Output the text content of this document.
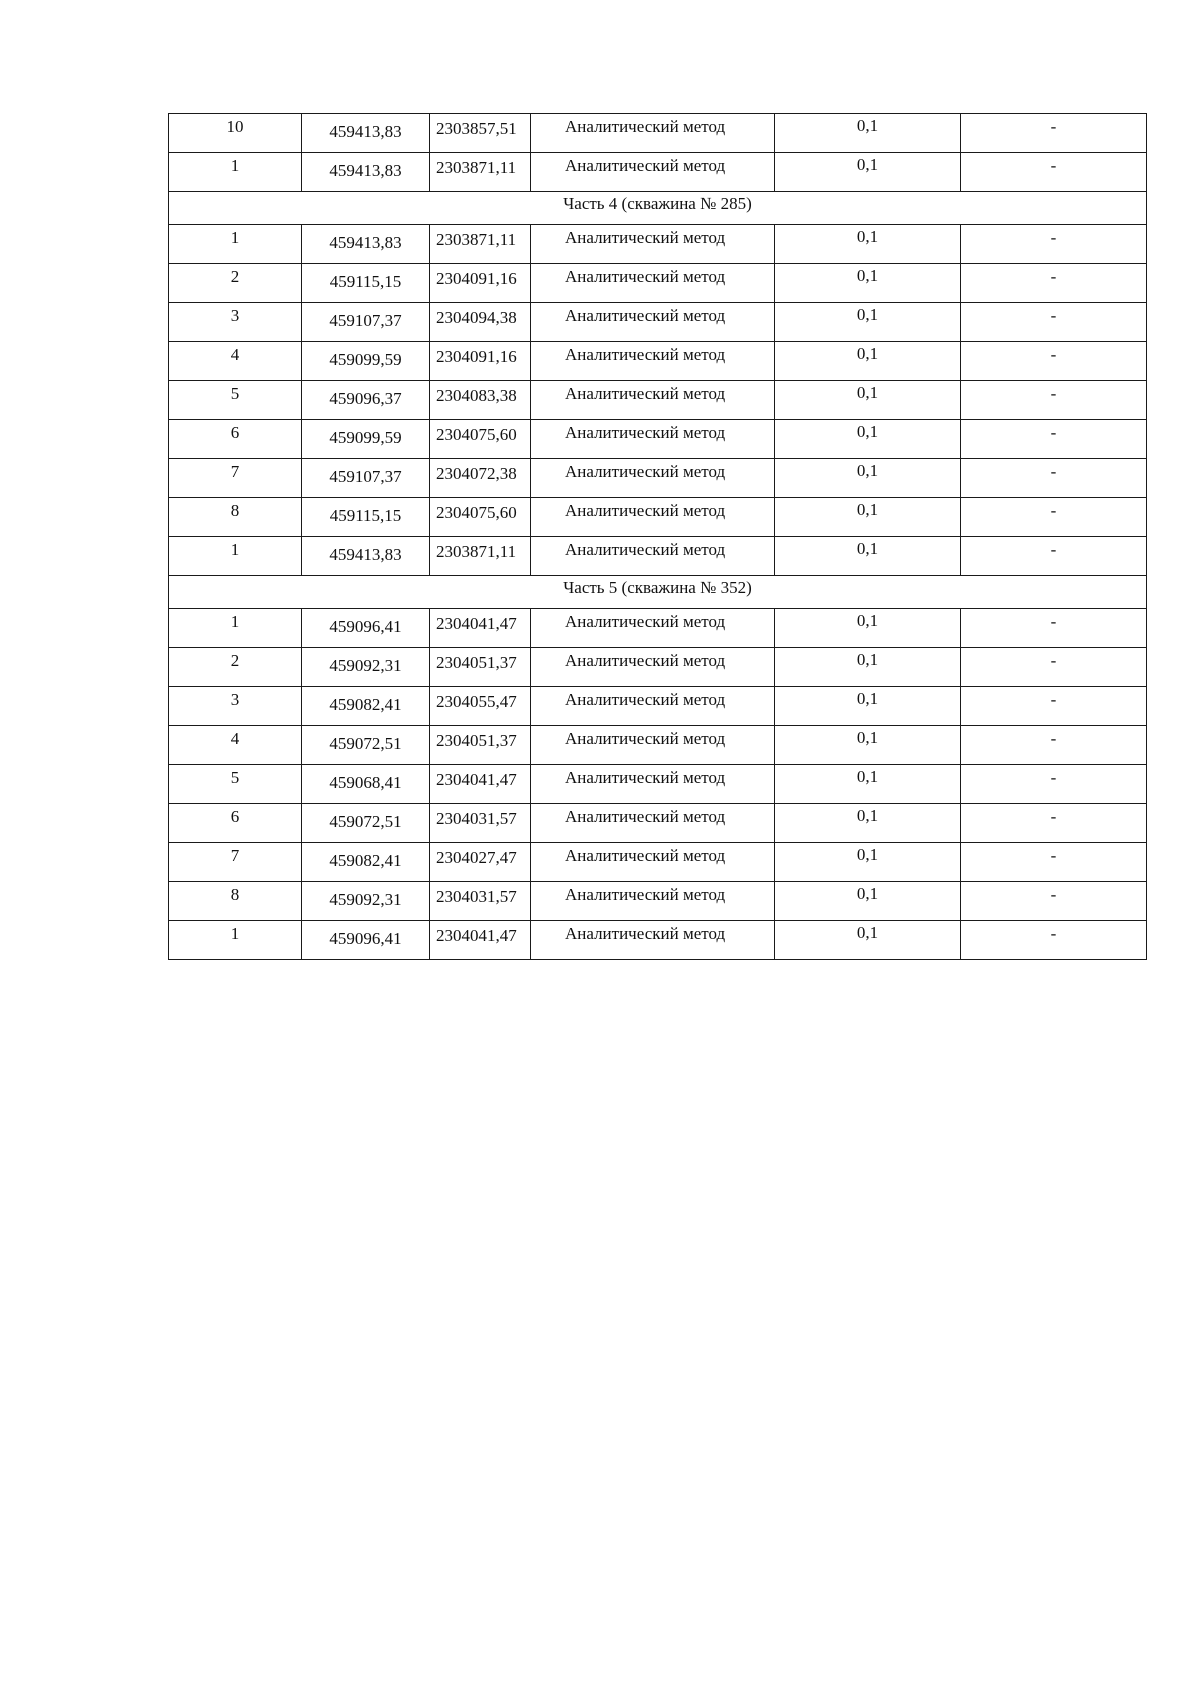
10	459413,83	2303857,51	Аналитический метод	0,1	-
1	459413,83	2303871,11	Аналитический метод	0,1	-
Часть 4 (скважина № 285)					
1	459413,83	2303871,11	Аналитический метод	0,1	-
2	459115,15	2304091,16	Аналитический метод	0,1	-
3	459107,37	2304094,38	Аналитический метод	0,1	-
4	459099,59	2304091,16	Аналитический метод	0,1	-
5	459096,37	2304083,38	Аналитический метод	0,1	-
6	459099,59	2304075,60	Аналитический метод	0,1	-
7	459107,37	2304072,38	Аналитический метод	0,1	-
8	459115,15	2304075,60	Аналитический метод	0,1	-
1	459413,83	2303871,11	Аналитический метод	0,1	-
Часть 5 (скважина № 352)					
1	459096,41	2304041,47	Аналитический метод	0,1	-
2	459092,31	2304051,37	Аналитический метод	0,1	-
3	459082,41	2304055,47	Аналитический метод	0,1	-
4	459072,51	2304051,37	Аналитический метод	0,1	-
5	459068,41	2304041,47	Аналитический метод	0,1	-
6	459072,51	2304031,57	Аналитический метод	0,1	-
7	459082,41	2304027,47	Аналитический метод	0,1	-
8	459092,31	2304031,57	Аналитический метод	0,1	-
1	459096,41	2304041,47	Аналитический метод	0,1	-
